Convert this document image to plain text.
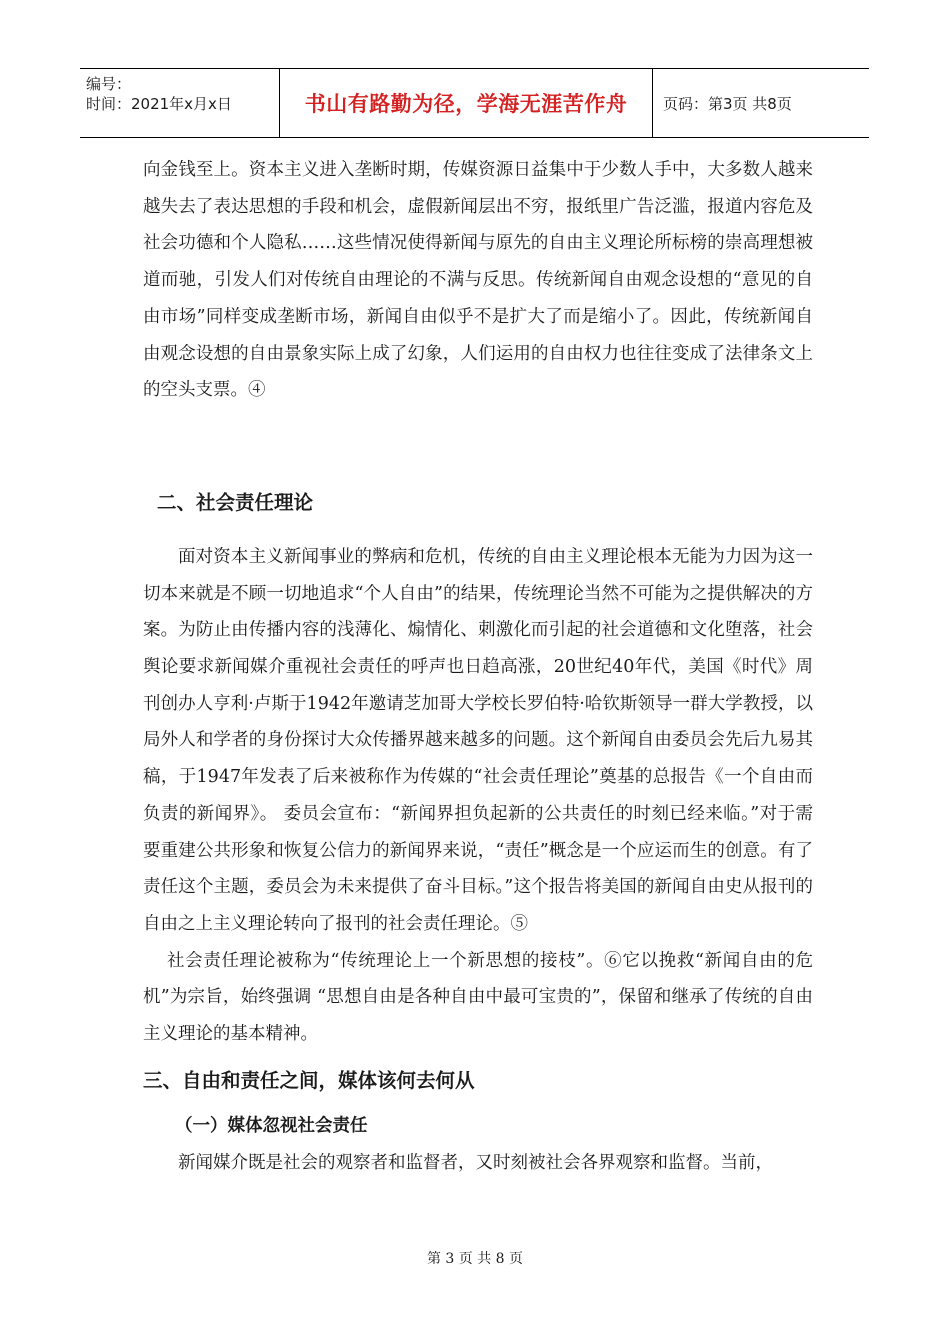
编号：
时间：2021年x月x日	书山有路勤为径，学海无涯苦作舟	页码：第3页 共8页

向金钱至上。资本主义进入垄断时期，传媒资源日益集中于少数人手中，大多数人越来越失去了表达思想的手段和机会，虚假新闻层出不穷，报纸里广告泛滥，报道内容危及社会功德和个人隐私……这些情况使得新闻与原先的自由主义理论所标榜的崇高理想被道而驰，引发人们对传统自由理论的不满与反思。传统新闻自由观念设想的“意见的自由市场”同样变成垄断市场，新闻自由似乎不是扩大了而是缩小了。因此，传统新闻自由观念设想的自由景象实际上成了幻象，人们运用的自由权力也往往变成了法律条文上的空头支票。④

二、社会责任理论

面对资本主义新闻事业的弊病和危机，传统的自由主义理论根本无能为力因为这一切本来就是不顾一切地追求“个人自由”的结果，传统理论当然不可能为之提供解决的方案。为防止由传播内容的浅薄化、煽情化、刺激化而引起的社会道德和文化堕落，社会舆论要求新闻媒介重视社会责任的呼声也日趋高涨，20世纪40年代，美国《时代》周刊创办人亨利·卢斯于1942年邀请芝加哥大学校长罗伯特·哈钦斯领导一群大学教授，以局外人和学者的身份探讨大众传播界越来越多的问题。这个新闻自由委员会先后九易其稿，于1947年发表了后来被称作为传媒的“社会责任理论”奠基的总报告《一个自由而负责的新闻界》。 委员会宣布：“新闻界担负起新的公共责任的时刻已经来临。”对于需要重建公共形象和恢复公信力的新闻界来说，“责任”概念是一个应运而生的创意。有了责任这个主题，委员会为未来提供了奋斗目标。”这个报告将美国的新闻自由史从报刊的自由之上主义理论转向了报刊的社会责任理论。⑤

社会责任理论被称为“传统理论上一个新思想的接枝”。⑥它以挽救“新闻自由的危机”为宗旨，始终强调 “思想自由是各种自由中最可宝贵的”，保留和继承了传统的自由主义理论的基本精神。

三、自由和责任之间，媒体该何去何从
（一）媒体忽视社会责任

新闻媒介既是社会的观察者和监督者，又时刻被社会各界观察和监督。当前，

第 3 页 共 8 页
